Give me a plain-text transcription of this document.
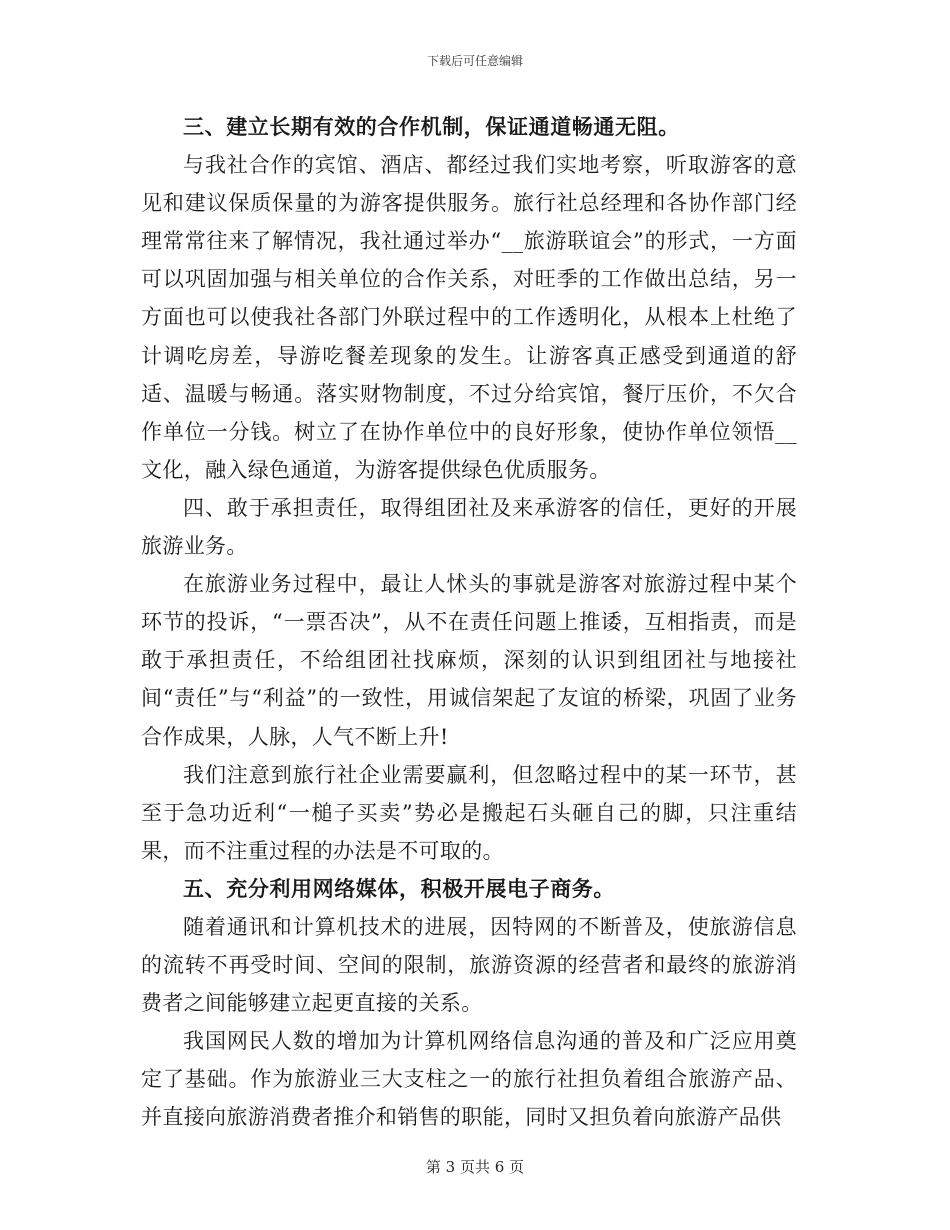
下载后可任意编辑

三、建立长期有效的合作机制，保证通道畅通无阻。

与我社合作的宾馆、酒店、都经过我们实地考察，听取游客的意见和建议保质保量的为游客提供服务。旅行社总经理和各协作部门经理常常往来了解情况，我社通过举办“__旅游联谊会”的形式，一方面可以巩固加强与相关单位的合作关系，对旺季的工作做出总结，另一方面也可以使我社各部门外联过程中的工作透明化，从根本上杜绝了计调吃房差，导游吃餐差现象的发生。让游客真正感受到通道的舒适、温暖与畅通。落实财物制度，不过分给宾馆，餐厅压价，不欠合作单位一分钱。树立了在协作单位中的良好形象，使协作单位领悟__文化，融入绿色通道，为游客提供绿色优质服务。

四、敢于承担责任，取得组团社及来承游客的信任，更好的开展旅游业务。

在旅游业务过程中，最让人怵头的事就是游客对旅游过程中某个环节的投诉，“一票否决”，从不在责任问题上推诿，互相指责，而是敢于承担责任，不给组团社找麻烦，深刻的认识到组团社与地接社间“责任”与“利益”的一致性，用诚信架起了友谊的桥梁，巩固了业务合作成果，人脉，人气不断上升!

我们注意到旅行社企业需要赢利，但忽略过程中的某一环节，甚至于急功近利“一槌子买卖”势必是搬起石头砸自己的脚，只注重结果，而不注重过程的办法是不可取的。

五、充分利用网络媒体，积极开展电子商务。

随着通讯和计算机技术的进展，因特网的不断普及，使旅游信息的流转不再受时间、空间的限制，旅游资源的经营者和最终的旅游消费者之间能够建立起更直接的关系。

我国网民人数的增加为计算机网络信息沟通的普及和广泛应用奠定了基础。作为旅游业三大支柱之一的旅行社担负着组合旅游产品、并直接向旅游消费者推介和销售的职能，同时又担负着向旅游产品供

第 3 页共 6 页
